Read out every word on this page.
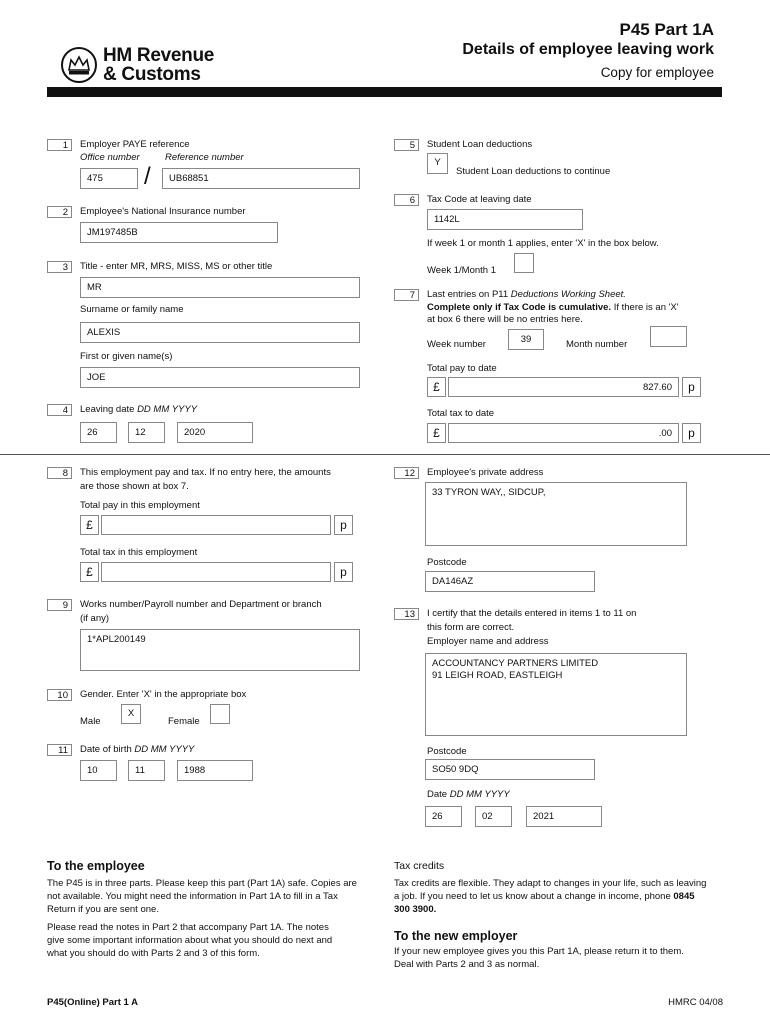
HM Revenue
& Customs
P45 Part 1A
Details of employee leaving work
Copy for employee
1	Employer PAYE reference
Office number	Reference number
475	/	UB68851
2	Employee's National Insurance number
JM197485B
3	Title - enter MR, MRS, MISS, MS or other title
MR
Surname or family name
ALEXIS
First or given name(s)
JOE
4	Leaving date DD MM YYYY
26	12	2020
5	Student Loan deductions
Y
Student Loan deductions to continue
6	Tax Code at leaving date
1142L
If week 1 or month 1 applies, enter 'X' in the box below.
Week 1/Month 1
7	Last entries on P11 Deductions Working Sheet.
Complete only if Tax Code is cumulative. If there is an 'X'
at box 6 there will be no entries here.
Week number	39	Month number
Total pay to date
£	827.60	p
Total tax to date
£	.00	p
8	This employment pay and tax. If no entry here, the amounts
are those shown at box 7.
Total pay in this employment
£	p
Total tax in this employment
£	p
9	Works number/Payroll number and Department or branch
(if any)
1*APL200149
10	Gender. Enter 'X' in the appropriate box
Male
X
Female
11	Date of birth DD MM YYYY
10	11	1988
12	Employee's private address
33 TYRON WAY,, SIDCUP,
Postcode
DA146AZ
13	I certify that the details entered in items 1 to 11 on
this form are correct.
Employer name and address
ACCOUNTANCY PARTNERS LIMITED
91 LEIGH ROAD, EASTLEIGH
Postcode
SO50 9DQ
Date DD MM YYYY
26	02	2021
To the employee
The P45 is in three parts. Please keep this part (Part 1A) safe. Copies are not available. You might need the information in Part 1A to fill in a Tax Return if you are sent one.
Please read the notes in Part 2 that accompany Part 1A. The notes give some important information about what you should do next and what you should do with Parts 2 and 3 of this form.
Tax credits
Tax credits are flexible. They adapt to changes in your life, such as leaving a job. If you need to let us know about a change in income, phone 0845 300 3900.
To the new employer
If your new employee gives you this Part 1A, please return it to them. Deal with Parts 2 and 3 as normal.
P45(Online) Part 1 A	HMRC 04/08
